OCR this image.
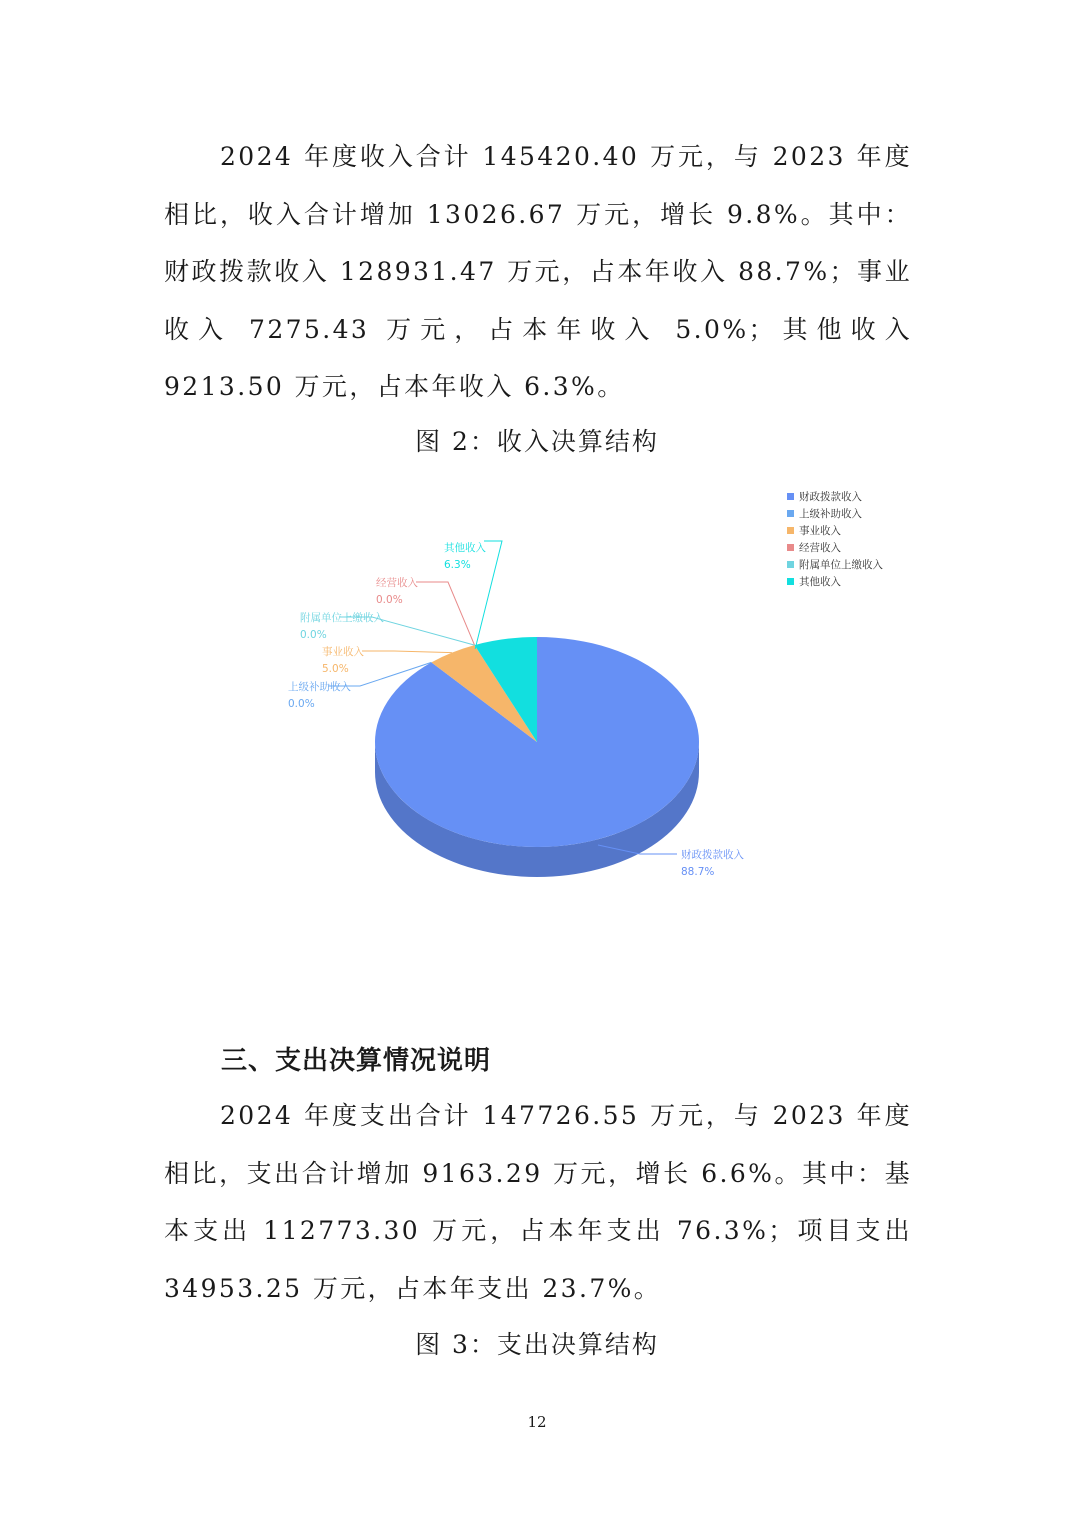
2024 年度收入合计 145420.40 万元，与 2023 年度相比，收入合计增加 13026.67 万元，增长 9.8%。其中：财政拨款收入 128931.47 万元，占本年收入 88.7%；事业收入 7275.43 万元，占本年收入 5.0%；其他收入 9213.50 万元，占本年收入 6.3%。

图 2：收入决算结构

财政拨款收入
88.7%
上级补助收入
0.0%
事业收入
5.0%
经营收入
0.0%
附属单位上缴收入
0.0%
其他收入
6.3%
财政拨款收入
上级补助收入
事业收入
经营收入
附属单位上缴收入
其他收入

三、支出决算情况说明

2024 年度支出合计 147726.55 万元，与 2023 年度相比，支出合计增加 9163.29 万元，增长 6.6%。其中：基本支出 112773.30 万元，占本年支出 76.3%；项目支出 34953.25 万元，占本年支出 23.7%。

图 3：支出决算结构

12
